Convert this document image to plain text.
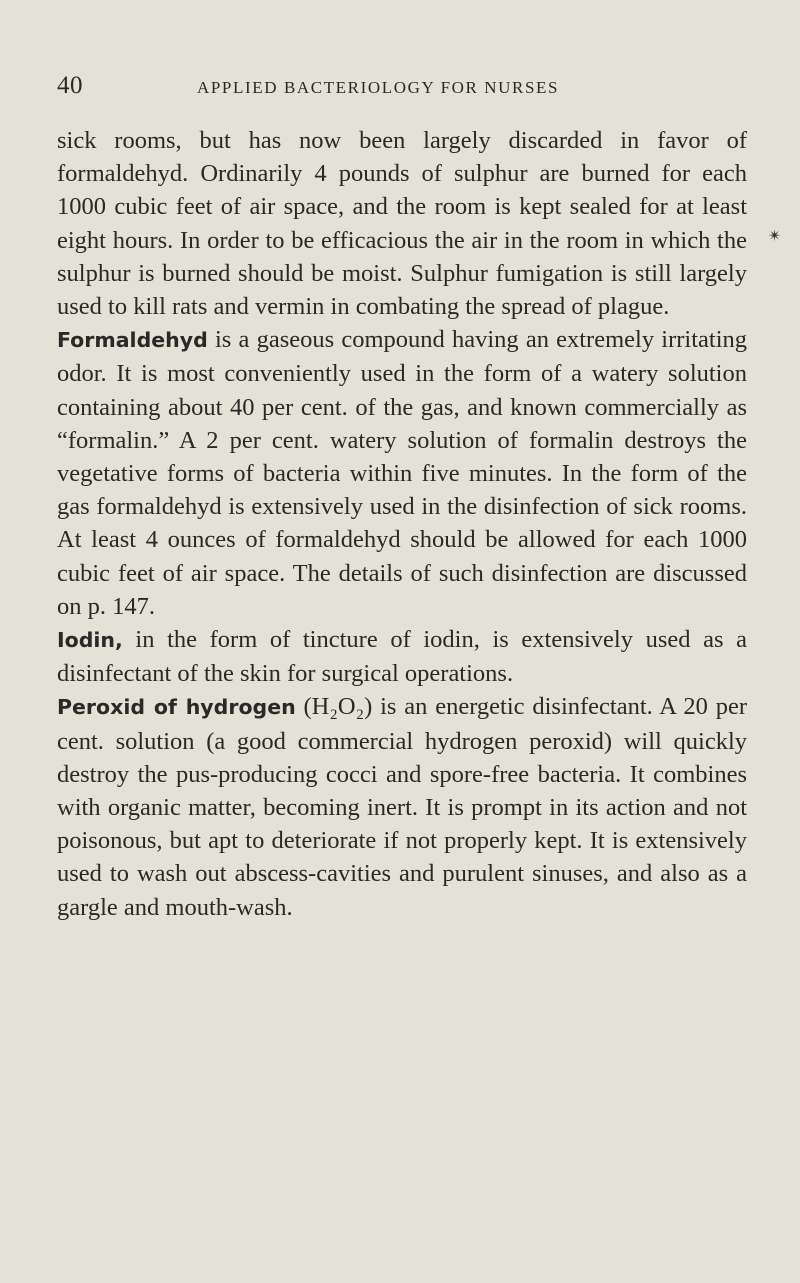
40	APPLIED BACTERIOLOGY FOR NURSES
✴

sick rooms, but has now been largely discarded in favor of formaldehyd. Ordinarily 4 pounds of sulphur are burned for each 1000 cubic feet of air space, and the room is kept sealed for at least eight hours. In order to be efficacious the air in the room in which the sulphur is burned should be moist. Sulphur fumigation is still largely used to kill rats and vermin in combating the spread of plague.

Formaldehyd is a gaseous compound having an extremely irritating odor. It is most conveniently used in the form of a watery solution containing about 40 per cent. of the gas, and known commercially as “formalin.” A 2 per cent. watery solution of formalin destroys the vegetative forms of bacteria within five minutes. In the form of the gas formaldehyd is extensively used in the disinfection of sick rooms. At least 4 ounces of formaldehyd should be allowed for each 1000 cubic feet of air space. The details of such disinfection are discussed on p. 147.

Iodin, in the form of tincture of iodin, is extensively used as a disinfectant of the skin for surgical operations.

Peroxid of hydrogen (H₂O₂) is an energetic disinfectant. A 20 per cent. solution (a good commercial hydrogen peroxid) will quickly destroy the pus-producing cocci and spore-free bacteria. It combines with organic matter, becoming inert. It is prompt in its action and not poisonous, but apt to deteriorate if not properly kept. It is extensively used to wash out abscess-cavities and purulent sinuses, and also as a gargle and mouth-wash.
